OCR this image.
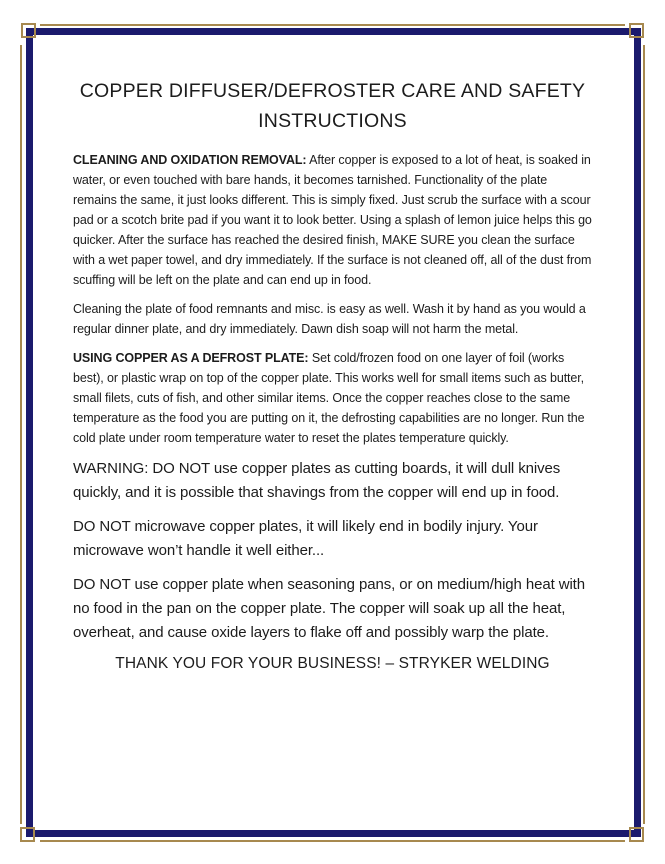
COPPER DIFFUSER/DEFROSTER CARE AND SAFETY
INSTRUCTIONS

CLEANING AND OXIDATION REMOVAL: After copper is exposed to a lot of heat, is soaked in water, or even touched with bare hands, it becomes tarnished. Functionality of the plate remains the same, it just looks different. This is simply fixed. Just scrub the surface with a scour pad or a scotch brite pad if you want it to look better. Using a splash of lemon juice helps this go quicker. After the surface has reached the desired finish, MAKE SURE you clean the surface with a wet paper towel, and dry immediately. If the surface is not cleaned off, all of the dust from scuffing will be left on the plate and can end up in food.

Cleaning the plate of food remnants and misc. is easy as well. Wash it by hand as you would a regular dinner plate, and dry immediately. Dawn dish soap will not harm the metal.

USING COPPER AS A DEFROST PLATE: Set cold/frozen food on one layer of foil (works best), or plastic wrap on top of the copper plate. This works well for small items such as butter, small filets, cuts of fish, and other similar items. Once the copper reaches close to the same temperature as the food you are putting on it, the defrosting capabilities are no longer. Run the cold plate under room temperature water to reset the plates temperature quickly.

WARNING: DO NOT use copper plates as cutting boards, it will dull knives quickly, and it is possible that shavings from the copper will end up in food.

DO NOT microwave copper plates, it will likely end in bodily injury. Your microwave won’t handle it well either...

DO NOT use copper plate when seasoning pans, or on medium/high heat with no food in the pan on the copper plate. The copper will soak up all the heat, overheat, and cause oxide layers to flake off and possibly warp the plate.

THANK YOU FOR YOUR BUSINESS! – STRYKER WELDING
